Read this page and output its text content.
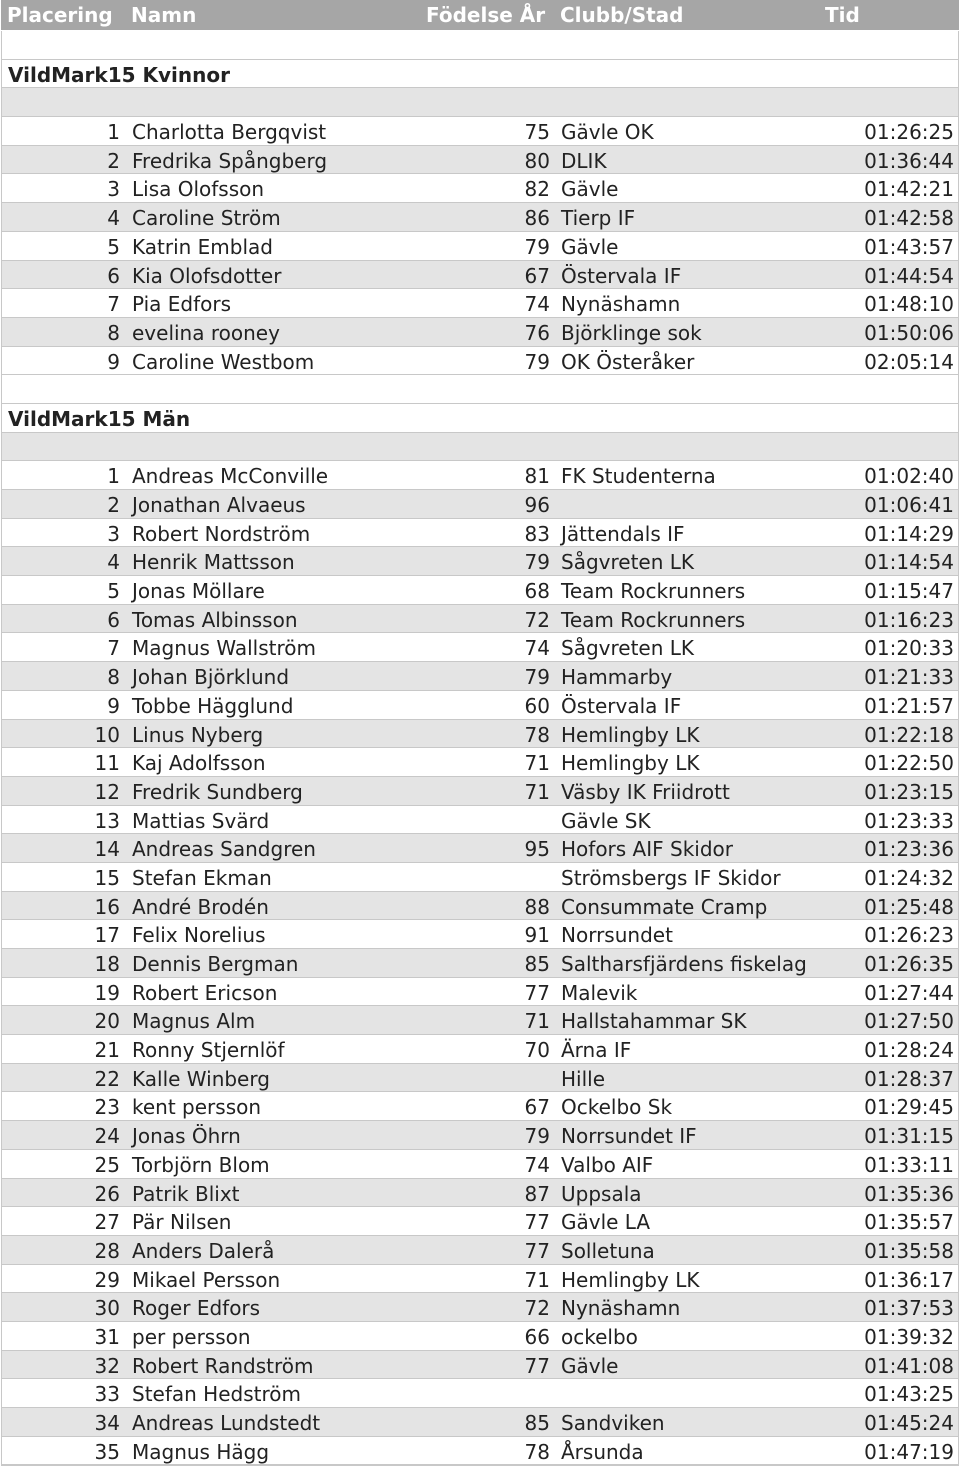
Placering Namn	Födelse År Clubb/Stad	Tid
VildMark15 Kvinnor
1 Charlotta Bergqvist	75 Gävle OK	01:26:25
2 Fredrika Spångberg	80 DLIK	01:36:44
3 Lisa Olofsson	82 Gävle	01:42:21
4 Caroline Ström	86 Tierp IF	01:42:58
5 Katrin Emblad	79 Gävle	01:43:57
6 Kia Olofsdotter	67 Östervala IF	01:44:54
7 Pia Edfors	74 Nynäshamn	01:48:10
8 evelina rooney	76 Björklinge sok	01:50:06
9 Caroline Westbom	79 OK Österåker	02:05:14
VildMark15 Män
1 Andreas McConville	81 FK Studenterna	01:02:40
2 Jonathan Alvaeus	96	01:06:41
3 Robert Nordström	83 Jättendals IF	01:14:29
4 Henrik Mattsson	79 Sågvreten LK	01:14:54
5 Jonas Möllare	68 Team Rockrunners	01:15:47
6 Tomas Albinsson	72 Team Rockrunners	01:16:23
7 Magnus Wallström	74 Sågvreten LK	01:20:33
8 Johan Björklund	79 Hammarby	01:21:33
9 Tobbe Hägglund	60 Östervala IF	01:21:57
10 Linus Nyberg	78 Hemlingby LK	01:22:18
11 Kaj Adolfsson	71 Hemlingby LK	01:22:50
12 Fredrik Sundberg	71 Väsby IK Friidrott	01:23:15
13 Mattias Svärd	Gävle SK	01:23:33
14 Andreas Sandgren	95 Hofors AIF Skidor	01:23:36
15 Stefan Ekman	Strömsbergs IF Skidor	01:24:32
16 André Brodén	88 Consummate Cramp	01:25:48
17 Felix Norelius	91 Norrsundet	01:26:23
18 Dennis Bergman	85 Saltharsfjärdens fiskelag	01:26:35
19 Robert Ericson	77 Malevik	01:27:44
20 Magnus Alm	71 Hallstahammar SK	01:27:50
21 Ronny Stjernlöf	70 Ärna IF	01:28:24
22 Kalle Winberg	Hille	01:28:37
23 kent persson	67 Ockelbo Sk	01:29:45
24 Jonas Öhrn	79 Norrsundet IF	01:31:15
25 Torbjörn Blom	74 Valbo AIF	01:33:11
26 Patrik Blixt	87 Uppsala	01:35:36
27 Pär Nilsen	77 Gävle LA	01:35:57
28 Anders Dalerå	77 Solletuna	01:35:58
29 Mikael Persson	71 Hemlingby LK	01:36:17
30 Roger Edfors	72 Nynäshamn	01:37:53
31 per persson	66 ockelbo	01:39:32
32 Robert Randström	77 Gävle	01:41:08
33 Stefan Hedström	01:43:25
34 Andreas Lundstedt	85 Sandviken	01:45:24
35 Magnus Hägg	78 Årsunda	01:47:19
